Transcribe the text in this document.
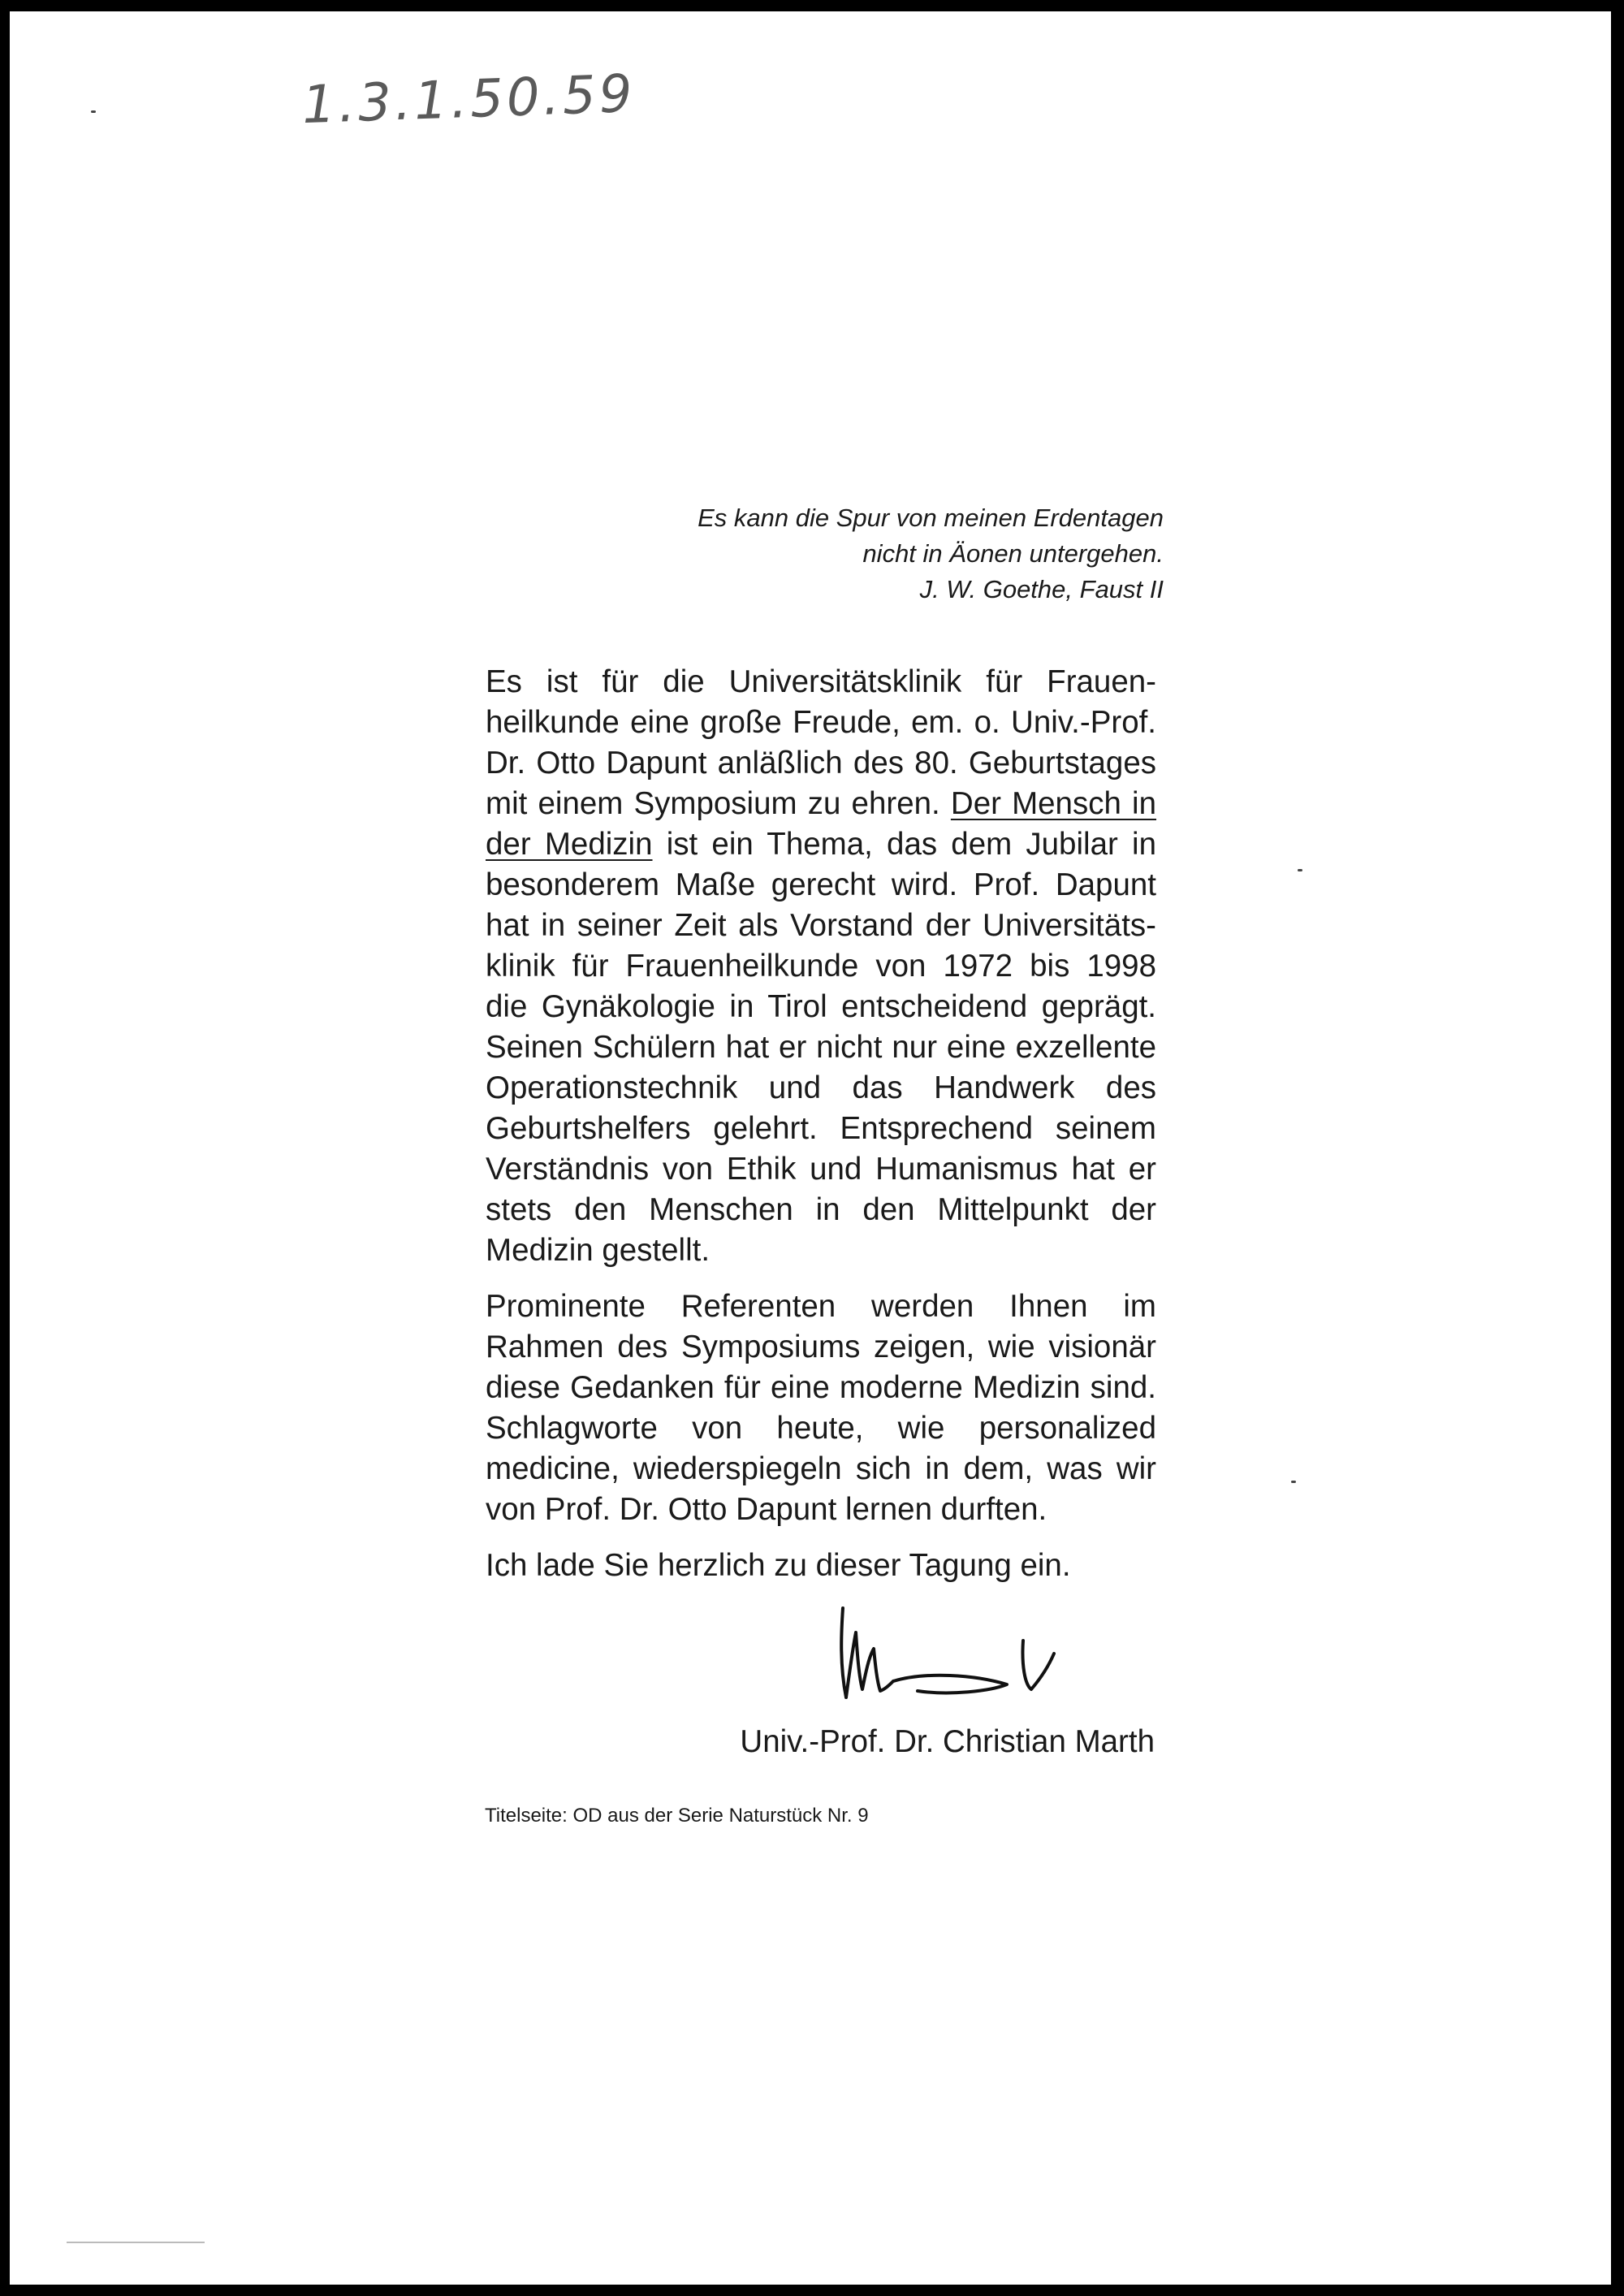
1.3.1.50.59

Es kann die Spur von meinen Erdentagen

nicht in Äonen untergehen.

J. W. Goethe, Faust II

Es ist für die Universitätsklinik für Frauenheilkunde eine große Freude, em. o. Univ.-Prof. Dr. Otto Dapunt anläßlich des 80. Geburtstages mit einem Symposium zu ehren. Der Mensch in der Medizin ist ein Thema, das dem Jubilar in besonderem Maße gerecht wird. Prof. Dapunt hat in seiner Zeit als Vorstand der Universitätsklinik für Frauenheilkunde von 1972 bis 1998 die Gynäkologie in Tirol entscheidend geprägt. Seinen Schülern hat er nicht nur eine exzellente Operationstechnik und das Handwerk des Geburtshelfers gelehrt. Entsprechend seinem Verständnis von Ethik und Humanismus hat er stets den Menschen in den Mittelpunkt der Medizin gestellt.

Prominente Referenten werden Ihnen im Rahmen des Symposiums zeigen, wie visionär diese Gedanken für eine moderne Medizin sind. Schlagworte von heute, wie personalized medicine, wiederspiegeln sich in dem, was wir von Prof. Dr. Otto Dapunt lernen durften.

Ich lade Sie herzlich zu dieser Tagung ein.

Univ.-Prof. Dr. Christian Marth
Titelseite: OD aus der Serie Naturstück Nr. 9
